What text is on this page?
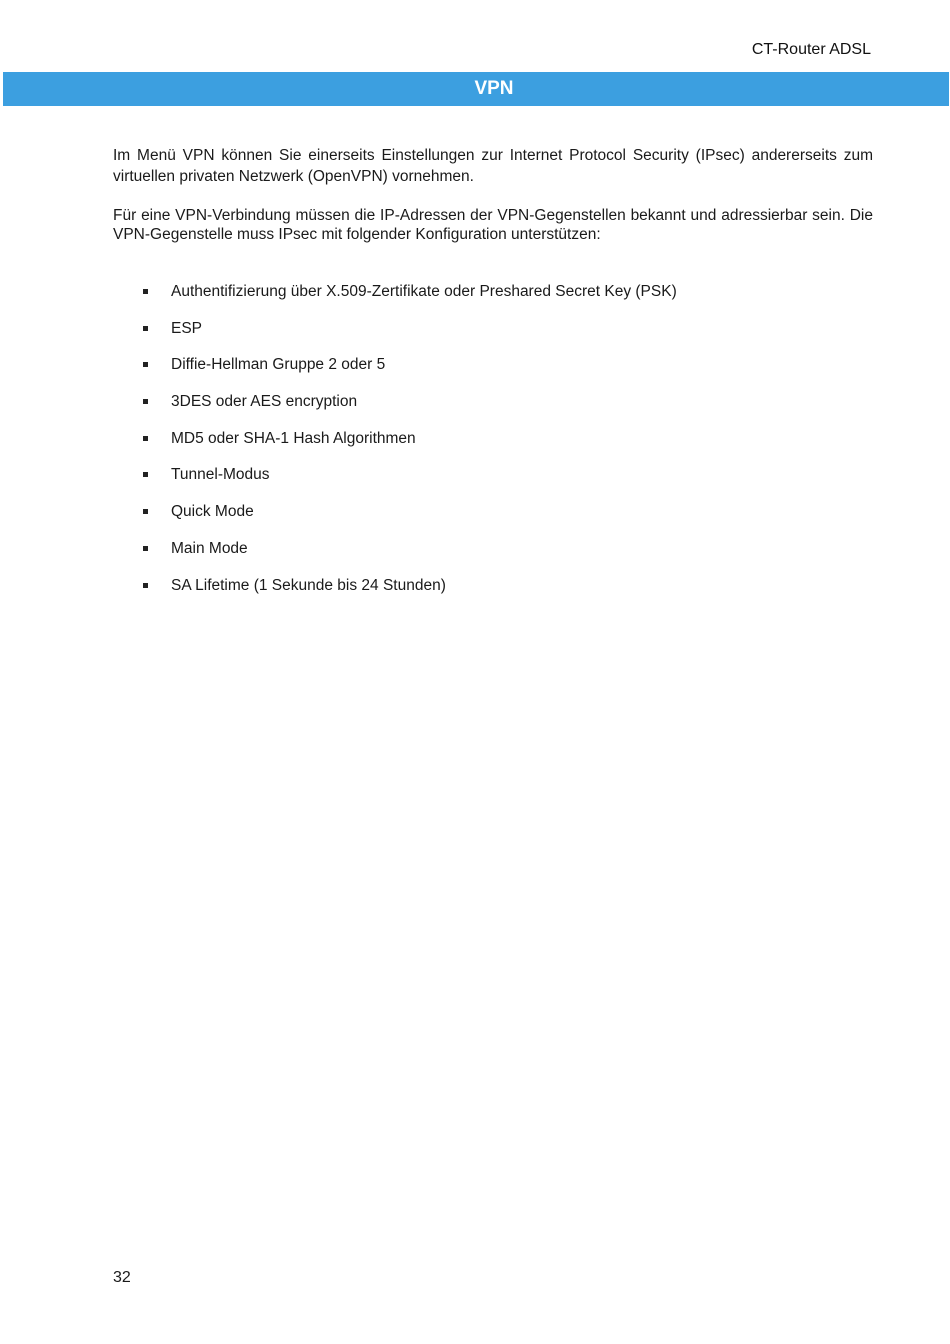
CT-Router ADSL
VPN

Im Menü VPN können Sie einerseits Einstellungen zur Internet Protocol Security (IPsec) andererseits zum virtuellen privaten Netzwerk (OpenVPN) vornehmen.

Für eine VPN-Verbindung müssen die IP-Adressen der VPN-Gegenstellen bekannt und adressierbar sein. Die VPN-Gegenstelle muss IPsec mit folgender Konfiguration unterstützen:

Authentifizierung über X.509-Zertifikate oder Preshared Secret Key (PSK)
ESP
Diffie-Hellman Gruppe 2 oder 5
3DES oder AES encryption
MD5 oder SHA-1 Hash Algorithmen
Tunnel-Modus
Quick Mode
Main Mode
SA Lifetime (1 Sekunde bis 24 Stunden)
32
